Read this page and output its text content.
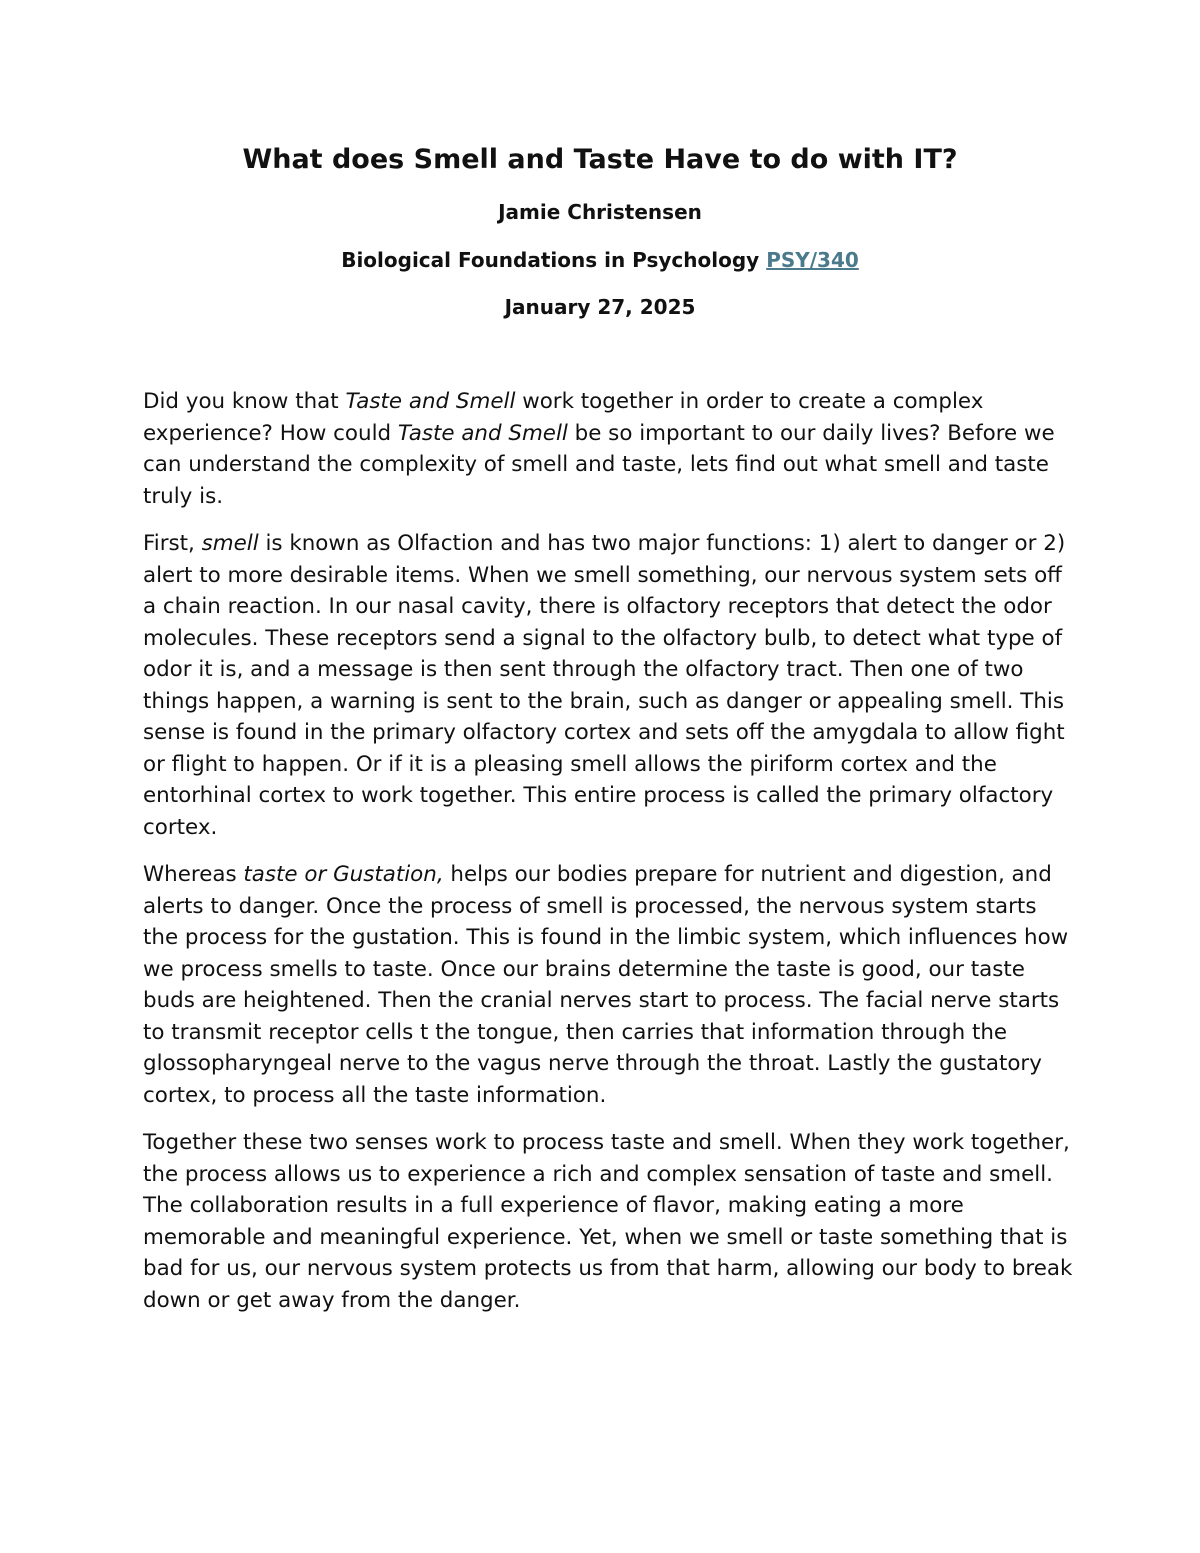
What does Smell and Taste Have to do with IT?
Jamie Christensen
Biological Foundations in Psychology PSY/340
January 27, 2025

Did you know that Taste and Smell work together in order to create a complex experience? How could Taste and Smell be so important to our daily lives? Before we can understand the complexity of smell and taste, lets find out what smell and taste truly is.

First, smell is known as Olfaction and has two major functions: 1) alert to danger or 2) alert to more desirable items. When we smell something, our nervous system sets off a chain reaction. In our nasal cavity, there is olfactory receptors that detect the odor molecules. These receptors send a signal to the olfactory bulb, to detect what type of odor it is, and a message is then sent through the olfactory tract. Then one of two things happen, a warning is sent to the brain, such as danger or appealing smell. This sense is found in the primary olfactory cortex and sets off the amygdala to allow fight or flight to happen. Or if it is a pleasing smell allows the piriform cortex and the entorhinal cortex to work together. This entire process is called the primary olfactory cortex.

Whereas taste or Gustation, helps our bodies prepare for nutrient and digestion, and alerts to danger. Once the process of smell is processed, the nervous system starts the process for the gustation. This is found in the limbic system, which influences how we process smells to taste. Once our brains determine the taste is good, our taste buds are heightened. Then the cranial nerves start to process. The facial nerve starts to transmit receptor cells t the tongue, then carries that information through the glossopharyngeal nerve to the vagus nerve through the throat. Lastly the gustatory cortex, to process all the taste information.

Together these two senses work to process taste and smell. When they work together, the process allows us to experience a rich and complex sensation of taste and smell. The collaboration results in a full experience of flavor, making eating a more memorable and meaningful experience. Yet, when we smell or taste something that is bad for us, our nervous system protects us from that harm, allowing our body to break down or get away from the danger.
